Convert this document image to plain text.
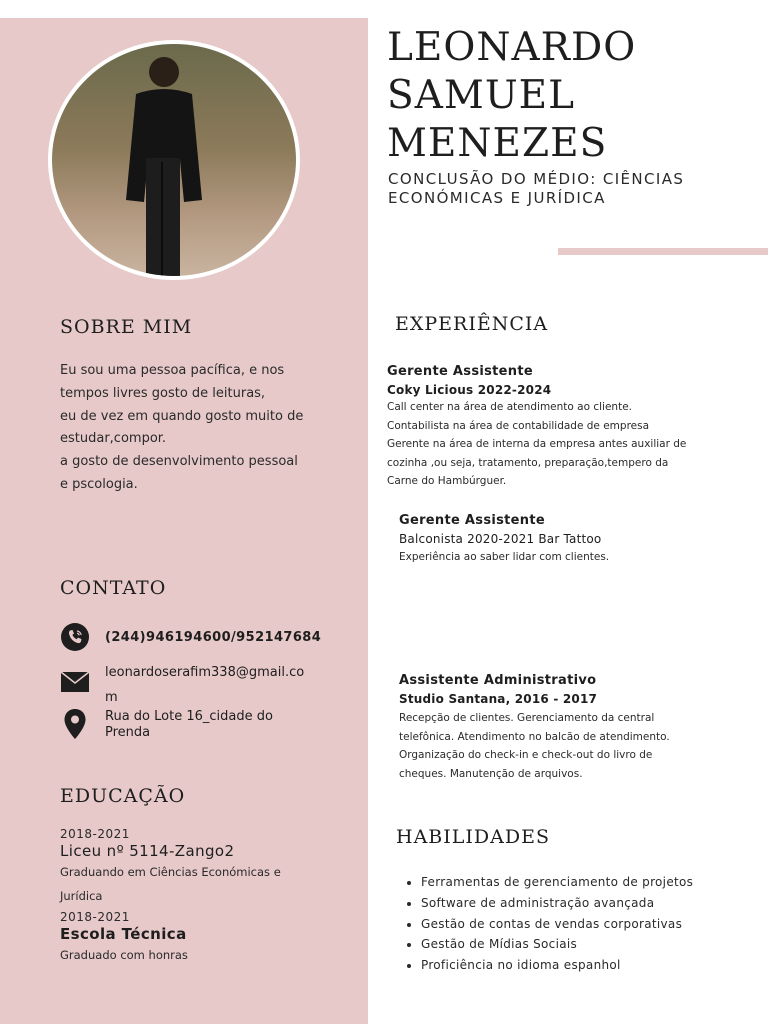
LEONARDO
SAMUEL
MENEZES
CONCLUSÃO DO MÉDIO: CIÊNCIAS ECONÓMICAS E JURÍDICA
SOBRE MIM
Eu sou uma pessoa pacífica, e nos
tempos livres gosto de leituras,
eu de vez em quando gosto muito de
estudar,compor.
a gosto de desenvolvimento pessoal
e pscologia.
CONTATO
(244)946194600/952147684
leonardoserafim338@gmail.co
m
Rua do Lote 16_cidade do
Prenda
EDUCAÇÃO
2018-2021
Liceu nº 5114-Zango2
Graduando em Ciências Económicas e
Jurídica
2018-2021
Escola Técnica
Graduado com honras
EXPERIÊNCIA
Gerente Assistente
Coky Licious 2022-2024
Call center na área de atendimento ao cliente.
Contabilista na área de contabilidade de empresa
Gerente na área de interna da empresa antes auxiliar de
cozinha ,ou seja, tratamento, preparação,tempero da
Carne do Hambúrguer.
Gerente Assistente
Balconista 2020-2021 Bar Tattoo
Experiência ao saber lidar com clientes.
Assistente Administrativo
Studio Santana, 2016 - 2017
Recepção de clientes. Gerenciamento da central
telefônica. Atendimento no balcão de atendimento.
Organização do check-in e check-out do livro de
cheques. Manutenção de arquivos.
HABILIDADES
• Ferramentas de gerenciamento de projetos
• Software de administração avançada
• Gestão de contas de vendas corporativas
• Gestão de Mídias Sociais
• Proficiência no idioma espanhol
